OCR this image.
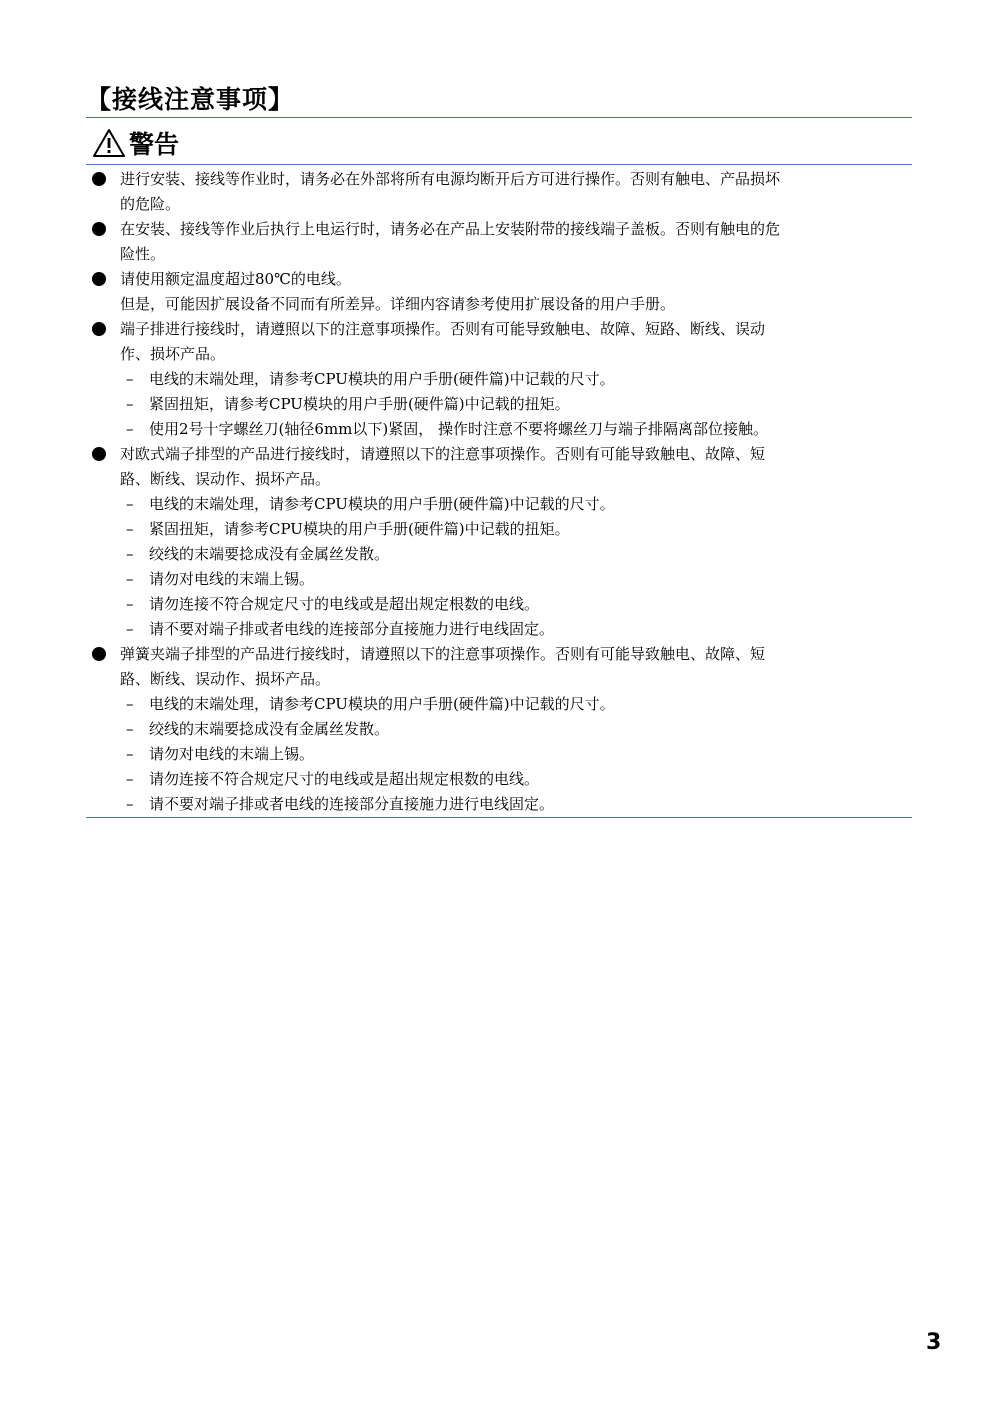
【接线注意事项】
警告
进行安装、接线等作业时，请务必在外部将所有电源均断开后方可进行操作。否则有触电、产品损坏
的危险。
在安装、接线等作业后执行上电运行时，请务必在产品上安装附带的接线端子盖板。否则有触电的危
险性。
请使用额定温度超过80℃的电线。
但是，可能因扩展设备不同而有所差异。详细内容请参考使用扩展设备的用户手册。
端子排进行接线时，请遵照以下的注意事项操作。否则有可能导致触电、故障、短路、断线、误动
作、损坏产品。
– 电线的末端处理，请参考CPU模块的用户手册(硬件篇)中记载的尺寸。
– 紧固扭矩，请参考CPU模块的用户手册(硬件篇)中记载的扭矩。
– 使用2号十字螺丝刀(轴径6mm以下)紧固， 操作时注意不要将螺丝刀与端子排隔离部位接触。
对欧式端子排型的产品进行接线时，请遵照以下的注意事项操作。否则有可能导致触电、故障、短
路、断线、误动作、损坏产品。
– 电线的末端处理，请参考CPU模块的用户手册(硬件篇)中记载的尺寸。
– 紧固扭矩，请参考CPU模块的用户手册(硬件篇)中记载的扭矩。
– 绞线的末端要捻成没有金属丝发散。
– 请勿对电线的末端上锡。
– 请勿连接不符合规定尺寸的电线或是超出规定根数的电线。
– 请不要对端子排或者电线的连接部分直接施力进行电线固定。
弹簧夹端子排型的产品进行接线时，请遵照以下的注意事项操作。否则有可能导致触电、故障、短
路、断线、误动作、损坏产品。
– 电线的末端处理，请参考CPU模块的用户手册(硬件篇)中记载的尺寸。
– 绞线的末端要捻成没有金属丝发散。
– 请勿对电线的末端上锡。
– 请勿连接不符合规定尺寸的电线或是超出规定根数的电线。
– 请不要对端子排或者电线的连接部分直接施力进行电线固定。
3
